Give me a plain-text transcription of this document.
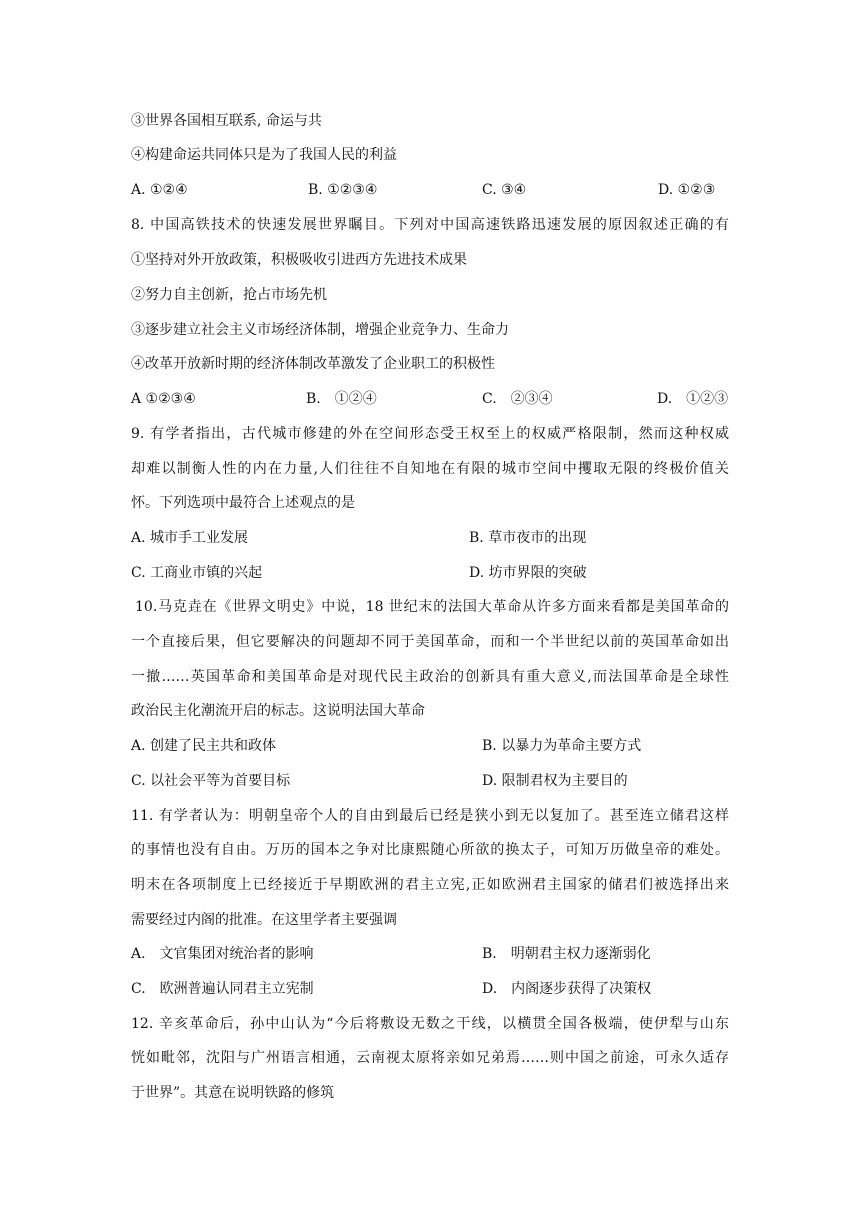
③世界各国相互联系, 命运与共
④构建命运共同体只是为了我国人民的利益
A. ①②④	B. ①②③④	C. ③④	D. ①②③
8. 中国高铁技术的快速发展世界瞩目。下列对中国高速铁路迅速发展的原因叙述正确的有
①坚持对外开放政策，积极吸收引进西方先进技术成果
②努力自主创新，抢占市场先机
③逐步建立社会主义市场经济体制，增强企业竞争力、生命力
④改革开放新时期的经济体制改革激发了企业职工的积极性
A ①②③④	B.　①②④	C.　②③④	D.　①②③
9. 有学者指出，古代城市修建的外在空间形态受王权至上的权威严格限制，然而这种权威
却难以制衡人性的内在力量,人们往往不自知地在有限的城市空间中攫取无限的终极价值关
怀。下列选项中最符合上述观点的是
A. 城市手工业发展	B. 草市夜市的出现
C. 工商业市镇的兴起	D. 坊市界限的突破
10.马克垚在《世界文明史》中说，18 世纪末的法国大革命从许多方面来看都是美国革命的
一个直接后果，但它要解决的问题却不同于美国革命，而和一个半世纪以前的英国革命如出
一撤……英国革命和美国革命是对现代民主政治的创新具有重大意义,而法国革命是全球性
政治民主化潮流开启的标志。这说明法国大革命
A. 创建了民主共和政体	B. 以暴力为革命主要方式
C. 以社会平等为首要目标	D. 限制君权为主要目的
11. 有学者认为：明朝皇帝个人的自由到最后已经是狭小到无以复加了。甚至连立储君这样
的事情也没有自由。万历的国本之争对比康熙随心所欲的换太子，可知万历做皇帝的难处。
明末在各项制度上已经接近于早期欧洲的君主立宪,正如欧洲君主国家的储君们被选择出来
需要经过内阁的批准。在这里学者主要强调
A.　文官集团对统治者的影响	B.　明朝君主权力逐渐弱化
C.　欧洲普遍认同君主立宪制	D.　内阁逐步获得了决策权
12. 辛亥革命后，孙中山认为“今后将敷设无数之干线，以横贯全国各极端，使伊犁与山东
恍如毗邻，沈阳与广州语言相通，云南视太原将亲如兄弟焉……则中国之前途，可永久适存
于世界”。其意在说明铁路的修筑
